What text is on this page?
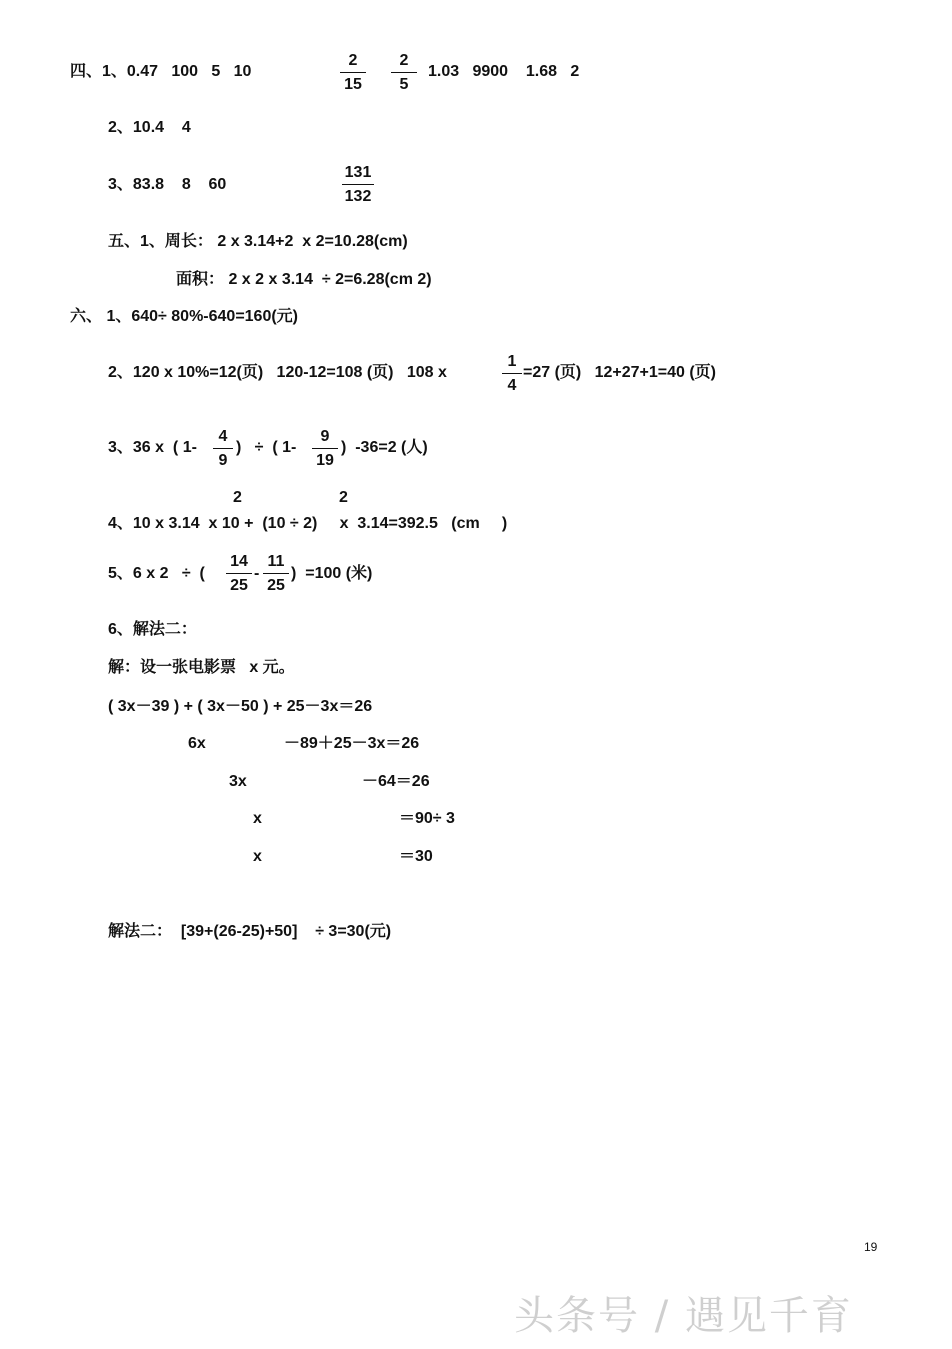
四、1、0.47   100   5   10
2
15
2
5
1.03   9900    1.68   2
2、10.4    4
3、83.8    8    60
131
132
五、1、周长： 2 x 3.14+2  x 2=10.28(cm)
面积： 2 x 2 x 3.14  ÷ 2=6.28(cm 2)
六、 1、640÷ 80%-640=160(元)
2、120 x 10%=12(页)   120-12=108 (页)   108 x
1
4
=27 (页)   12+27+1=40 (页)
3、36 x  ( 1-
4
9
)   ÷  ( 1-
9
19
)  -36=2 (人)
2	2
4、10 x 3.14  x 10 +  (10 ÷ 2)     x  3.14=392.5   (cm     )
5、6 x 2   ÷  (
14
25
-
11
25
)  =100 (米)
6、解法二：
解：设一张电影票   x 元。
( 3x－39 ) + ( 3x－50 ) + 25－3x＝26
6x	－89＋25－3x＝26
3x	－64＝26
x	＝90÷ 3
x	＝30
解法二：  [39+(26-25)+50]    ÷ 3=30(元)
19
头条号 / 遇见千育
